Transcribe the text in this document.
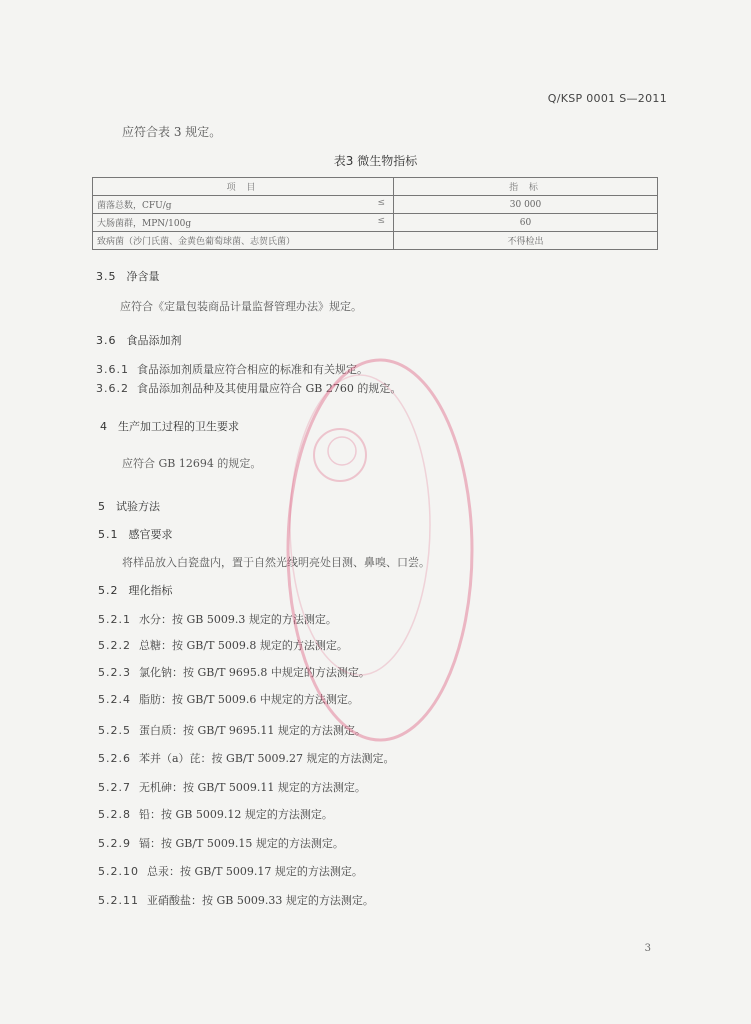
Q/KSP 0001 S—2011
应符合表 3 规定。
表3 微生物指标
项 目	指 标

菌落总数，CFU/g ≤	30 000

大肠菌群，MPN/100g ≤	60

致病菌（沙门氏菌、金黄色葡萄球菌、志贺氏菌）	不得检出
3.5 净含量
应符合《定量包装商品计量监督管理办法》规定。
3.6 食品添加剂
3.6.1 食品添加剂质量应符合相应的标准和有关规定。
3.6.2 食品添加剂品种及其使用量应符合 GB 2760 的规定。
4 生产加工过程的卫生要求
应符合 GB 12694 的规定。
5 试验方法
5.1 感官要求
将样品放入白瓷盘内，置于自然光线明亮处目测、鼻嗅、口尝。
5.2 理化指标
5.2.1 水分：按 GB 5009.3 规定的方法测定。
5.2.2 总糖：按 GB/T 5009.8 规定的方法测定。
5.2.3 氯化钠：按 GB/T 9695.8 中规定的方法测定。
5.2.4 脂肪：按 GB/T 5009.6 中规定的方法测定。
5.2.5 蛋白质：按 GB/T 9695.11 规定的方法测定。
5.2.6 苯并（a）芘：按 GB/T 5009.27 规定的方法测定。
5.2.7 无机砷：按 GB/T 5009.11 规定的方法测定。
5.2.8 铅：按 GB 5009.12 规定的方法测定。
5.2.9 镉：按 GB/T 5009.15 规定的方法测定。
5.2.10 总汞：按 GB/T 5009.17 规定的方法测定。
5.2.11 亚硝酸盐：按 GB 5009.33 规定的方法测定。
3
